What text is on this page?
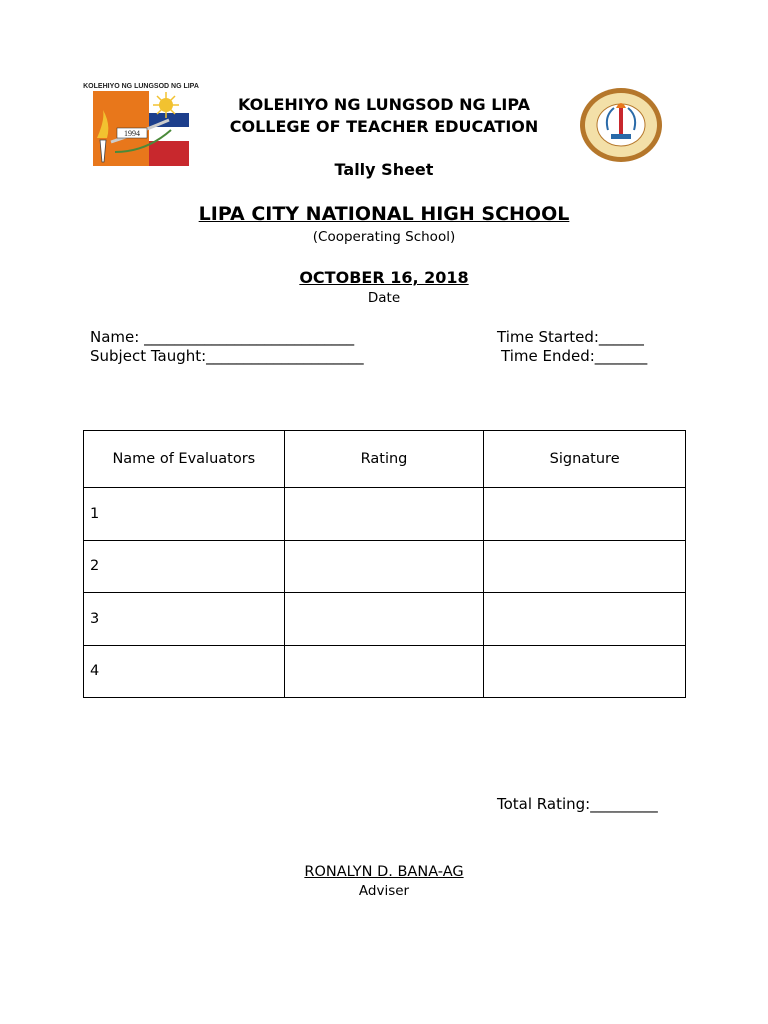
KOLEHIYO NG LUNGSOD NG LIPA
1994
KOLEHIYO NG LUNGSOD NG LIPA
COLLEGE OF TEACHER EDUCATION
Tally Sheet
LIPA CITY NATIONAL HIGH SCHOOL
(Cooperating School)
OCTOBER 16, 2018
Date
Name: ____________________________
Subject Taught:_____________________
Time Started:______
Time Ended:_______
Name of Evaluators	Rating	Signature
1		
2		
3		
4		
Total Rating:_________
RONALYN D. BANA-AG
Adviser
